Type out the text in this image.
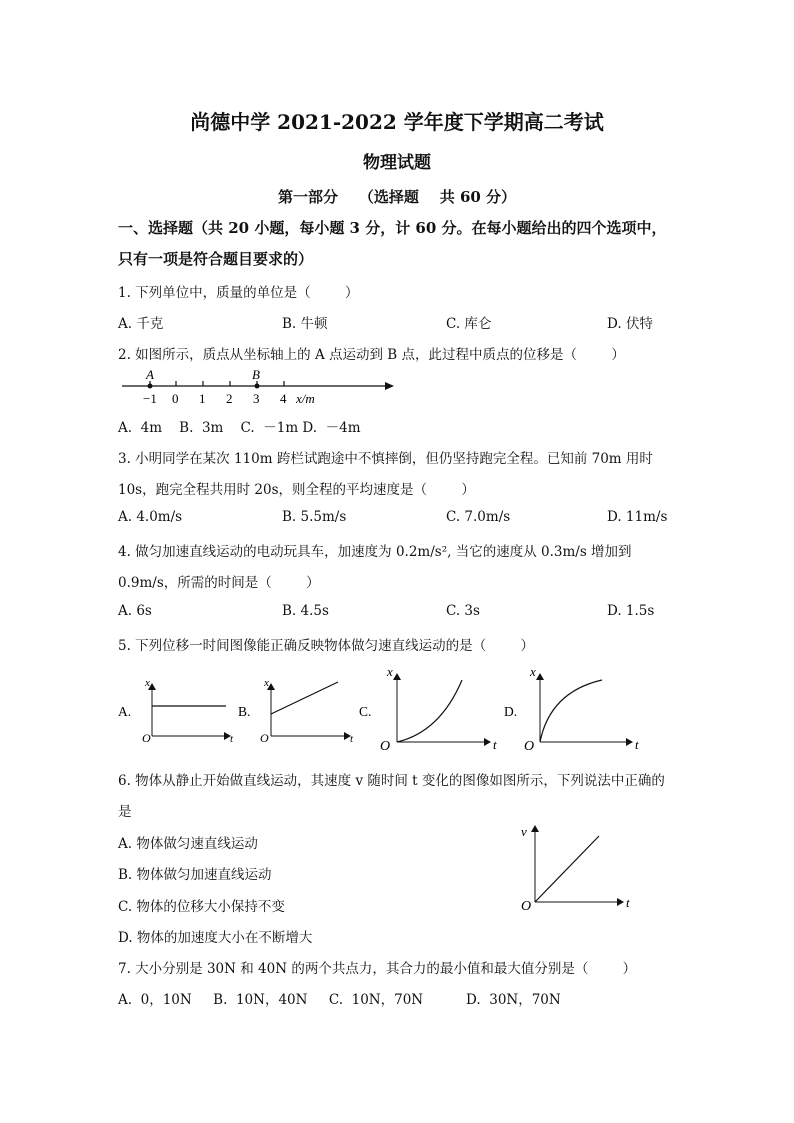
尚德中学 2021-2022 学年度下学期高二考试
物理试题
第一部分    （选择题    共 60 分）
一、选择题（共 20 小题，每小题 3 分，计 60 分。在每小题给出的四个选项中，
只有一项是符合题目要求的）
1. 下列单位中，质量的单位是（        ）
A. 千克	B. 牛顿	C. 库仑	D. 伏特
2. 如图所示，质点从坐标轴上的 A 点运动到 B 点，此过程中质点的位移是（        ）
A	B
−1 0 1 2 3 4 x/m
A.  4m    B.  3m    C.  －1m D.  －4m
3. 小明同学在某次 110m 跨栏试跑途中不慎摔倒，但仍坚持跑完全程。已知前 70m 用时
10s，跑完全程共用时 20s，则全程的平均速度是（        ）
A. 4.0m/s	B. 5.5m/s	C. 7.0m/s	D. 11m/s
4. 做匀加速直线运动的电动玩具车，加速度为 0.2m/s², 当它的速度从 0.3m/s 增加到
0.9m/s，所需的时间是（        ）
A. 6s	B. 4.5s	C. 3s	D. 1.5s
5. 下列位移一时间图像能正确反映物体做匀速直线运动的是（        ）
A.
x
O	t
B.
x
O	t
C.
x
O	t
D.
x
O	t
6. 物体从静止开始做直线运动，其速度 v 随时间 t 变化的图像如图所示，下列说法中正确的
是
A. 物体做匀速直线运动
B. 物体做匀加速直线运动
C. 物体的位移大小保持不变
D. 物体的加速度大小在不断增大
v
O	t
7. 大小分别是 30N 和 40N 的两个共点力，其合力的最小值和最大值分别是（        ）
A.  0，10N     B.  10N，40N     C.  10N，70N          D.  30N，70N
